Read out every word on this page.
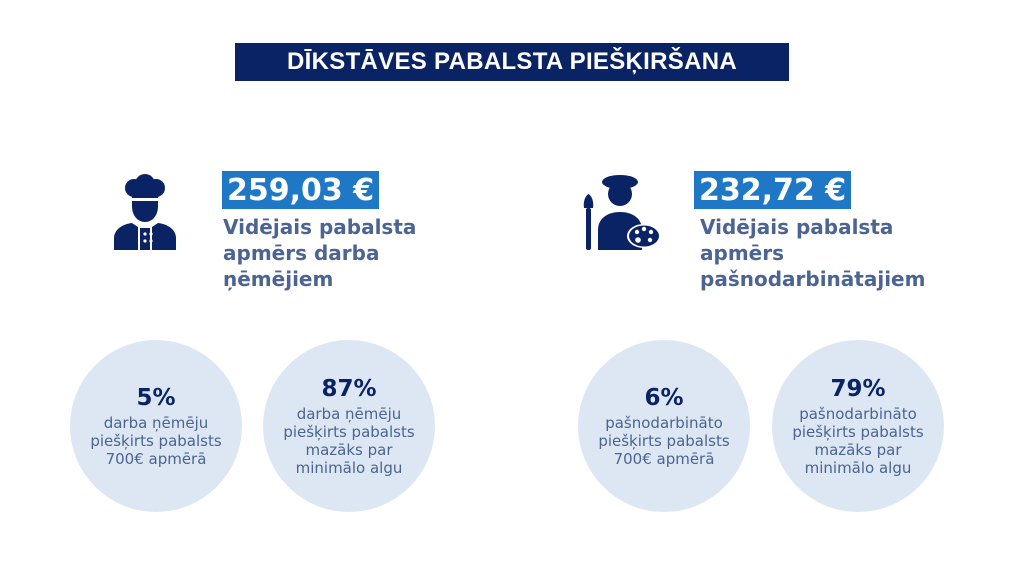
DĪKSTĀVES PABALSTA PIEŠĶIRŠANA
259,03 €
Vidējais pabalsta apmērs darba ņēmējiem
5%
darba ņēmēju piešķirts pabalsts 700€ apmērā
87%
darba ņēmēju piešķirts pabalsts mazāks par minimālo algu
232,72 €
Vidējais pabalsta apmērs pašnodarbinātajiem
6%
pašnodarbināto piešķirts pabalsts 700€ apmērā
79%
pašnodarbināto piešķirts pabalsts mazāks par minimālo algu
